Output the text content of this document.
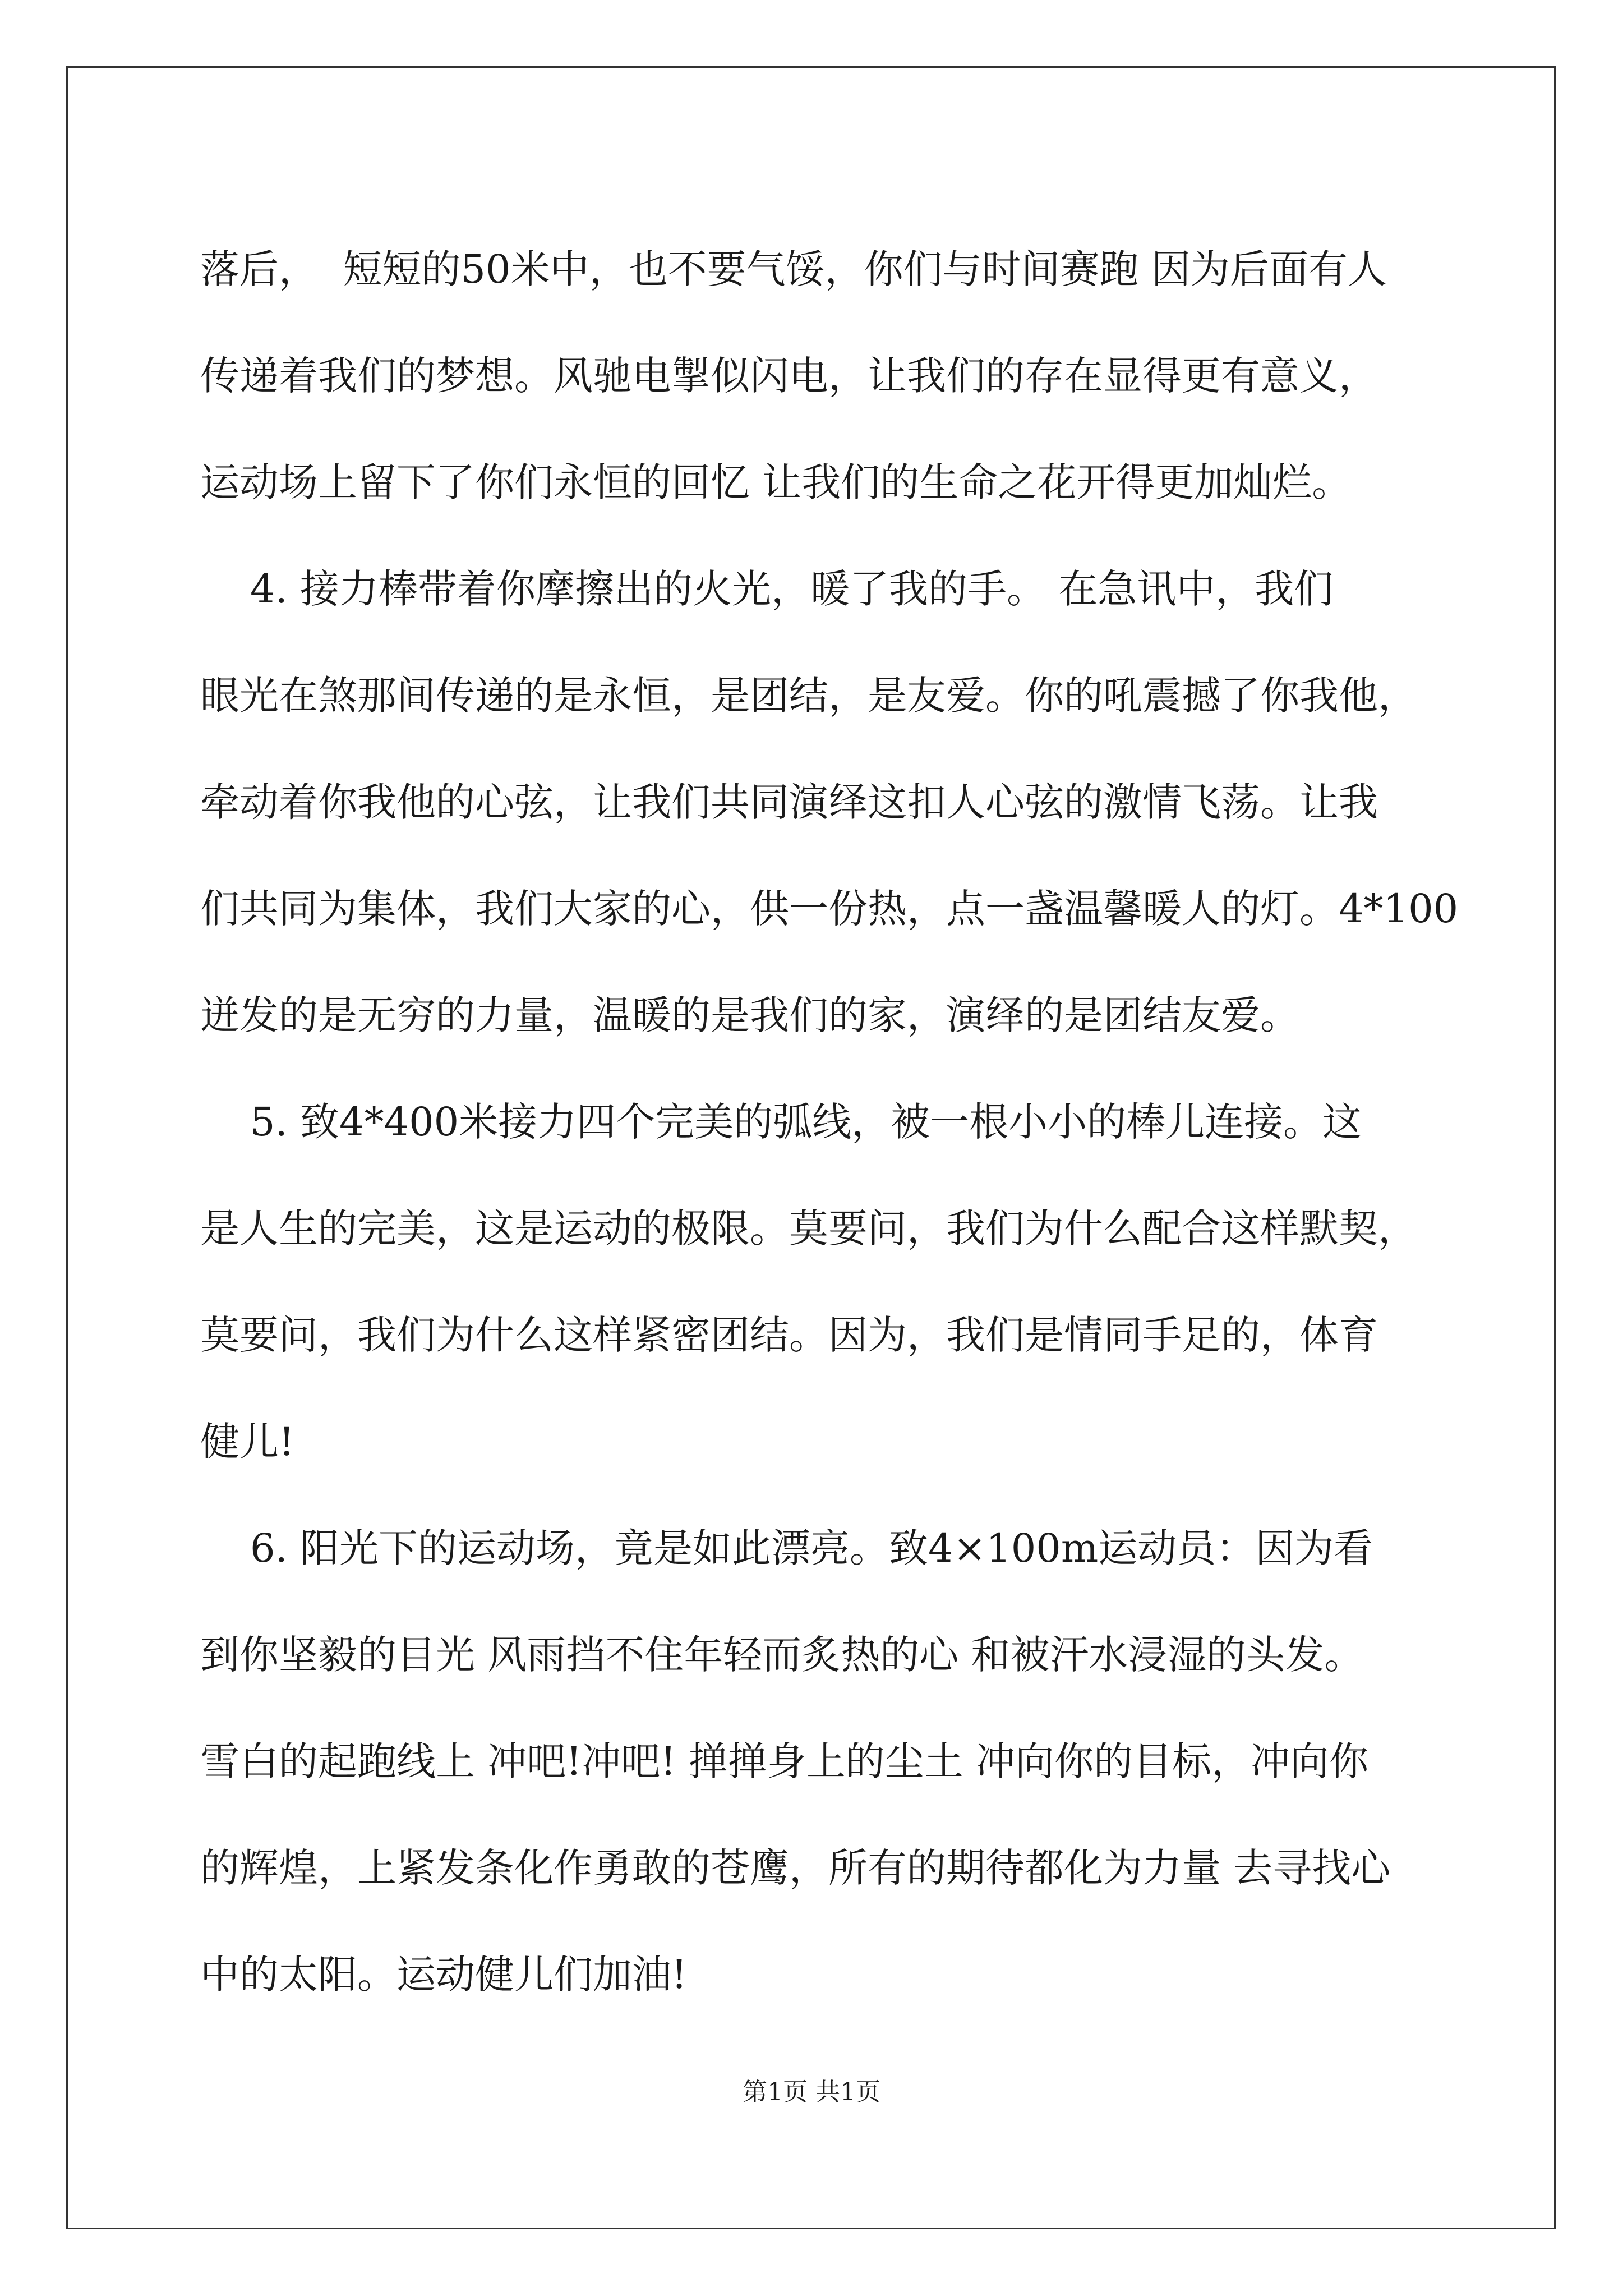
落后，  短短的50米中，也不要气馁，你们与时间赛跑 因为后面有人
传递着我们的梦想。风驰电掣似闪电，让我们的存在显得更有意义，
运动场上留下了你们永恒的回忆 让我们的生命之花开得更加灿烂。
4. 接力棒带着你摩擦出的火光，暖了我的手。 在急讯中，我们
眼光在煞那间传递的是永恒，是团结，是友爱。你的吼震撼了你我他，
牵动着你我他的心弦，让我们共同演绎这扣人心弦的激情飞荡。让我
们共同为集体，我们大家的心，供一份热，点一盏温馨暖人的灯。4*100
迸发的是无穷的力量，温暖的是我们的家，演绎的是团结友爱。
5. 致4*400米接力四个完美的弧线，被一根小小的棒儿连接。这
是人生的完美，这是运动的极限。莫要问，我们为什么配合这样默契，
莫要问，我们为什么这样紧密团结。因为，我们是情同手足的，体育
健儿!
6. 阳光下的运动场，竟是如此漂亮。致4×100m运动员：因为看
到你坚毅的目光 风雨挡不住年轻而炙热的心 和被汗水浸湿的头发。
雪白的起跑线上 冲吧!冲吧! 掸掸身上的尘土 冲向你的目标，冲向你
的辉煌，上紧发条化作勇敢的苍鹰，所有的期待都化为力量 去寻找心
中的太阳。运动健儿们加油!
第1页 共1页
